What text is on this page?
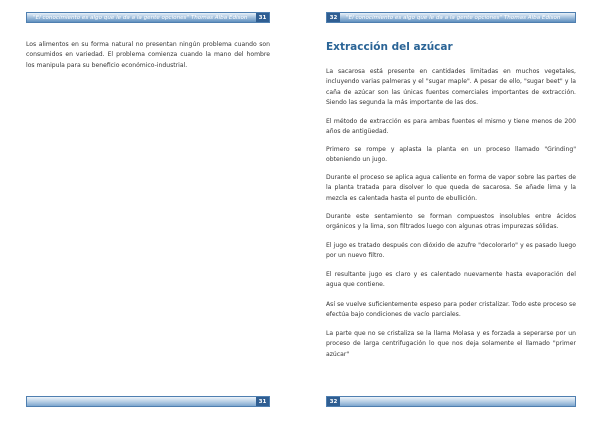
"El conocimiento es algo que le da a la gente opciones" Thomas Alba Edison	31

Los alimentos en su forma natural no presentan ningún problema cuando son consumidos en variedad. El problema comienza cuando la mano del hombre los manipula para su beneficio económico-industrial.

31
32	"El conocimiento es algo que le da a la gente opciones" Thomas Alba Edison

La sacarosa está presente en cantidades limitadas en muchos vegetales, incluyendo varias palmeras y el "sugar maple". A pesar de ello, "sugar beet" y la caña de azúcar son las únicas fuentes comerciales importantes de extracción. Siendo las segunda la más importante de las dos.

El método de extracción es para ambas fuentes el mismo y tiene menos de 200 años de antigüedad.

Primero se rompe y aplasta la planta en un proceso llamado "Grinding" obteniendo un jugo.

Durante el proceso se aplica agua caliente en forma de vapor sobre las partes de la planta tratada para disolver lo que queda de sacarosa. Se añade lima y la mezcla es calentada hasta el punto de ebullición.

Durante este sentamiento se forman compuestos insolubles entre ácidos orgánicos y la lima, son filtrados luego con algunas otras impurezas sólidas.

El jugo es tratado después con dióxido de azufre "decolorarlo" y es pasado luego por un nuevo filtro.

El resultante jugo es claro y es calentado nuevamente hasta evaporación del agua que contiene.

Así se vuelve suficientemente espeso para poder cristalizar. Todo este proceso se efectúa bajo condiciones de vacío parciales.

La parte que no se cristaliza se la llama Molasa y es forzada a seperarse por un proceso de larga centrifugación lo que nos deja solamente el llamado "primer azúcar"

32
Extracción del azúcar
